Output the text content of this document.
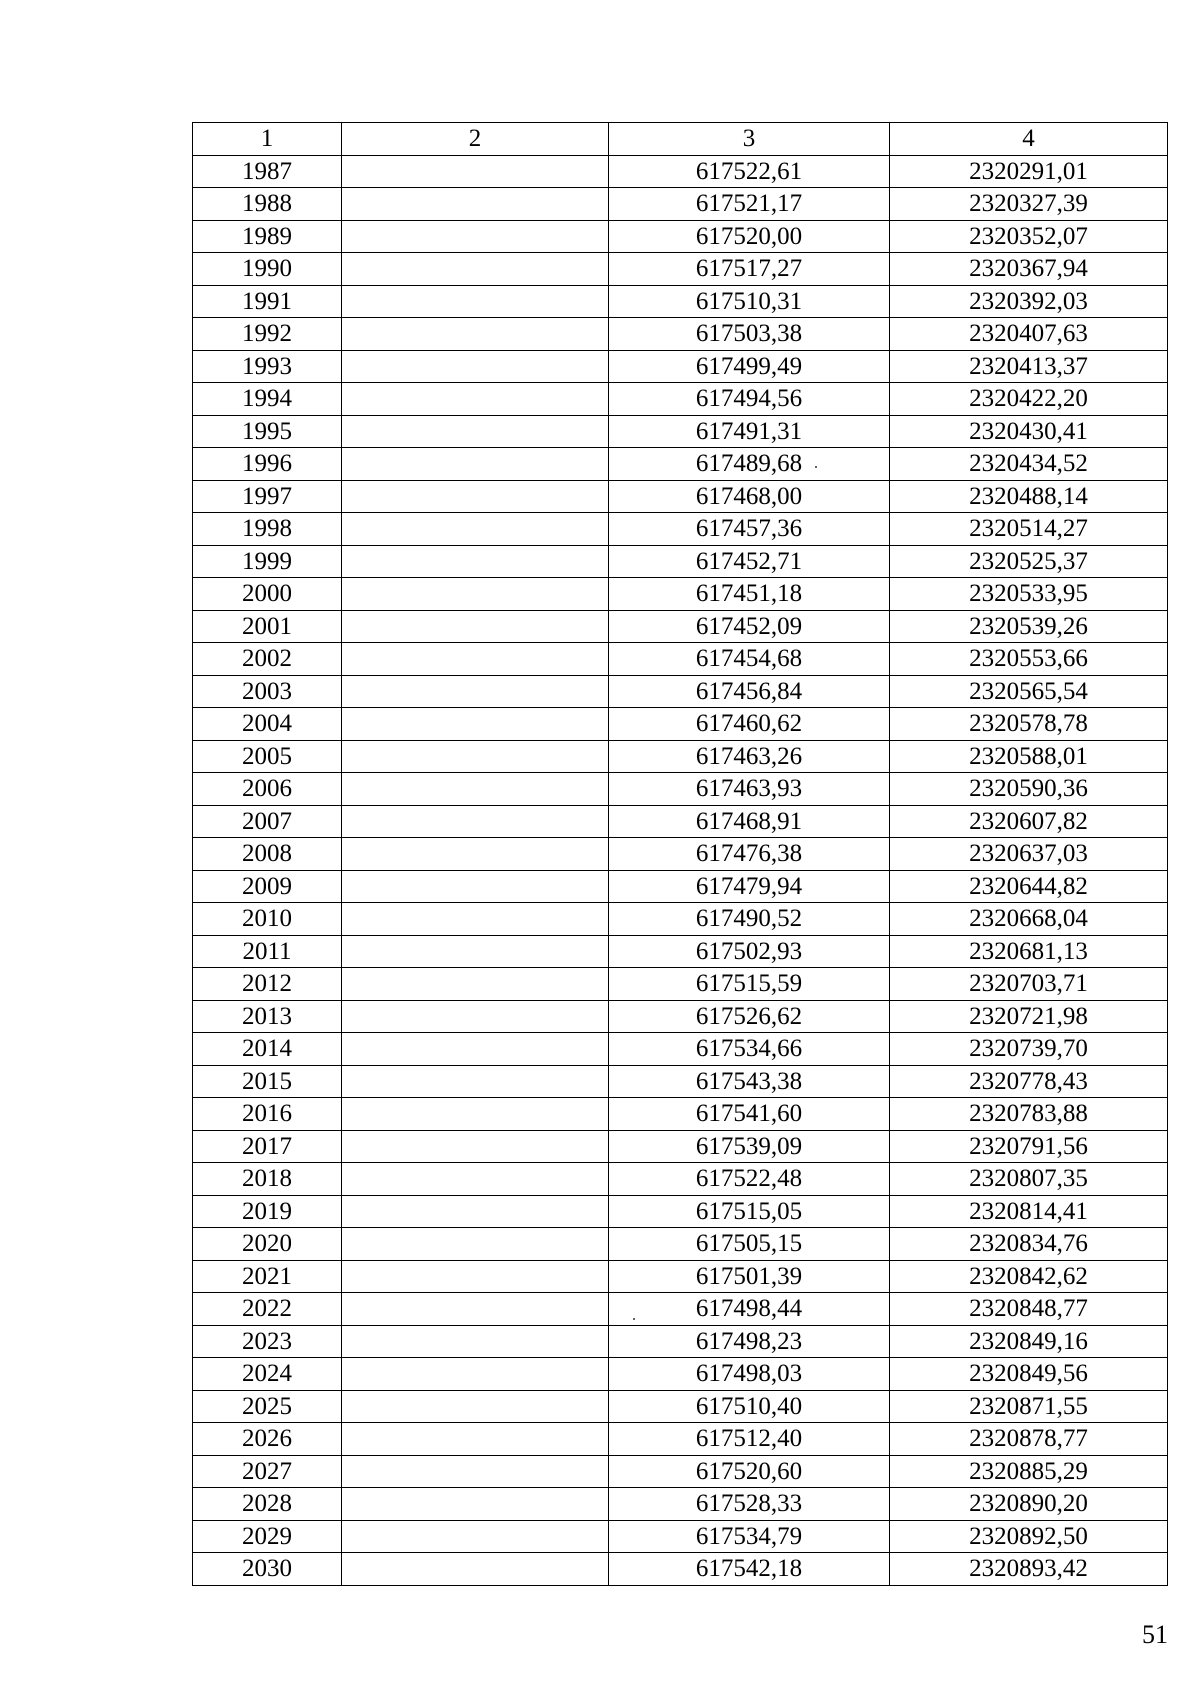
1	2	3	4
1987		617522,61	2320291,01
1988		617521,17	2320327,39
1989		617520,00	2320352,07
1990		617517,27	2320367,94
1991		617510,31	2320392,03
1992		617503,38	2320407,63
1993		617499,49	2320413,37
1994		617494,56	2320422,20
1995		617491,31	2320430,41
1996		617489,68	2320434,52
1997		617468,00	2320488,14
1998		617457,36	2320514,27
1999		617452,71	2320525,37
2000		617451,18	2320533,95
2001		617452,09	2320539,26
2002		617454,68	2320553,66
2003		617456,84	2320565,54
2004		617460,62	2320578,78
2005		617463,26	2320588,01
2006		617463,93	2320590,36
2007		617468,91	2320607,82
2008		617476,38	2320637,03
2009		617479,94	2320644,82
2010		617490,52	2320668,04
2011		617502,93	2320681,13
2012		617515,59	2320703,71
2013		617526,62	2320721,98
2014		617534,66	2320739,70
2015		617543,38	2320778,43
2016		617541,60	2320783,88
2017		617539,09	2320791,56
2018		617522,48	2320807,35
2019		617515,05	2320814,41
2020		617505,15	2320834,76
2021		617501,39	2320842,62
2022		617498,44	2320848,77
2023		617498,23	2320849,16
2024		617498,03	2320849,56
2025		617510,40	2320871,55
2026		617512,40	2320878,77
2027		617520,60	2320885,29
2028		617528,33	2320890,20
2029		617534,79	2320892,50
2030		617542,18	2320893,42
51
